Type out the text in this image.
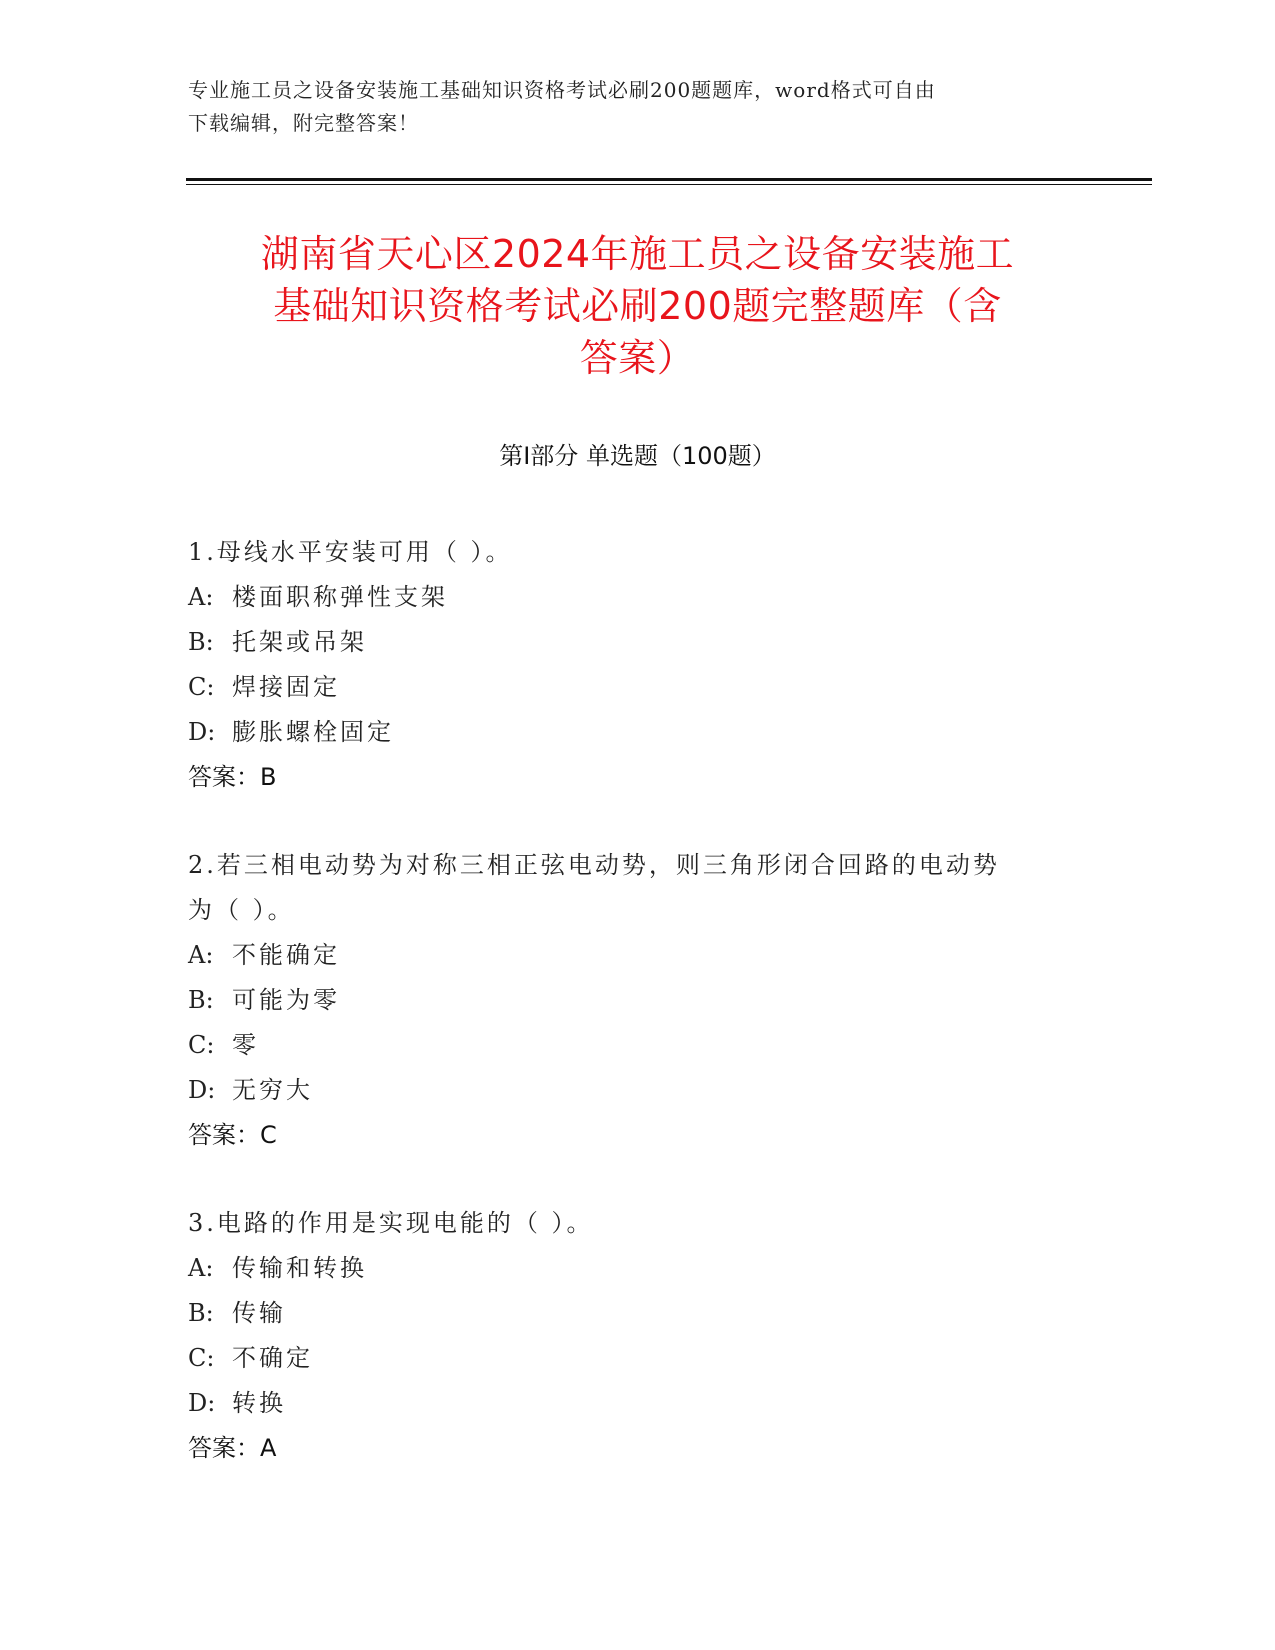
专业施工员之设备安装施工基础知识资格考试必刷200题题库，word格式可自由
下载编辑，附完整答案！
湖南省天心区2024年施工员之设备安装施工
基础知识资格考试必刷200题完整题库（含
答案）
第Ⅰ部分 单选题（100题）
1.母线水平安装可用（ ）。
A: 楼面职称弹性支架
B: 托架或吊架
C: 焊接固定
D: 膨胀螺栓固定
答案：B
2.若三相电动势为对称三相正弦电动势，则三角形闭合回路的电动势
为（ ）。
A: 不能确定
B: 可能为零
C: 零
D: 无穷大
答案：C
3.电路的作用是实现电能的（ ）。
A: 传输和转换
B: 传输
C: 不确定
D: 转换
答案：A
